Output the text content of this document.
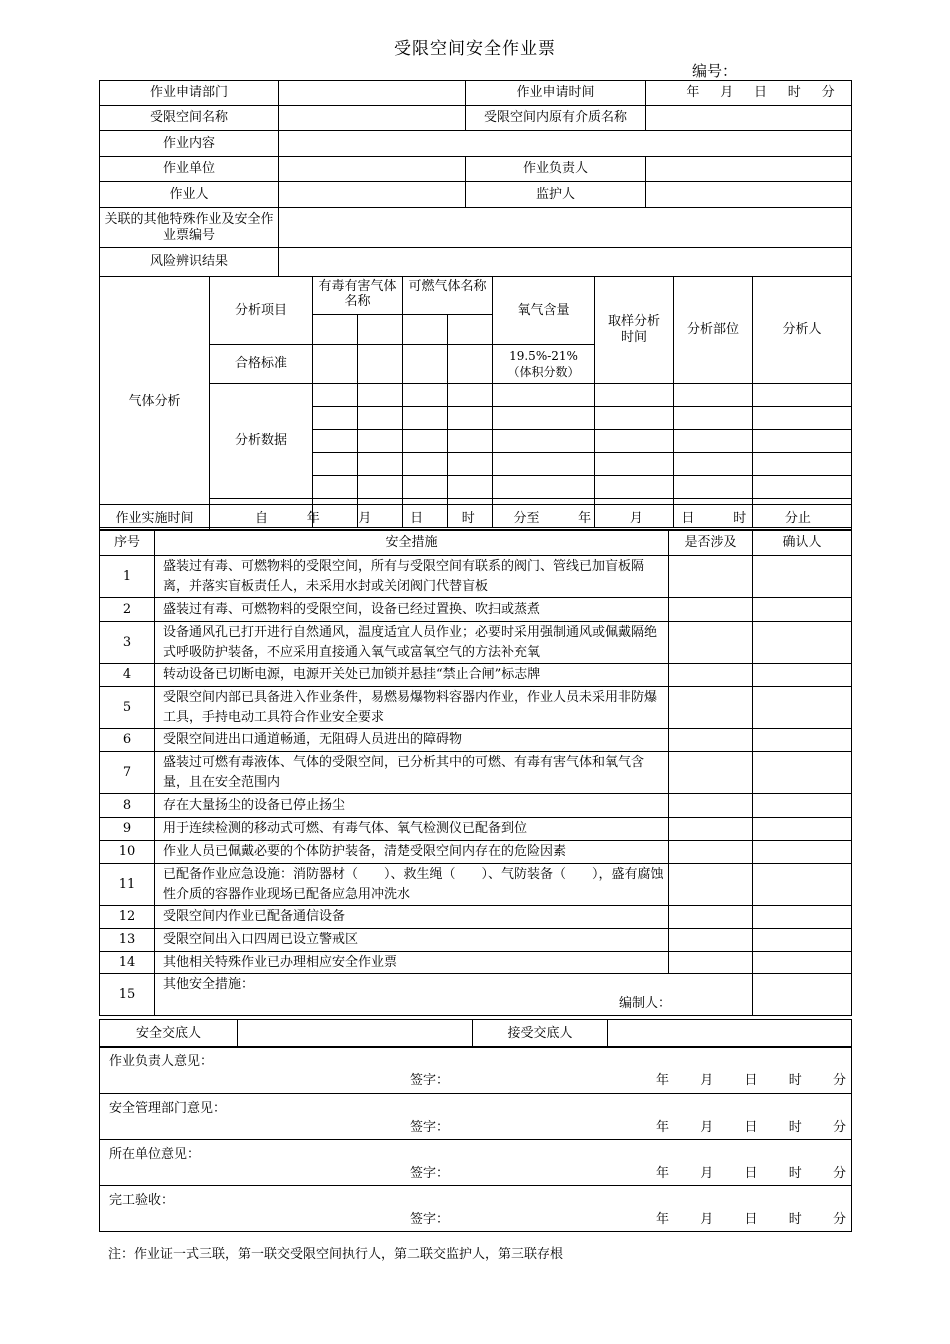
受限空间安全作业票
编号：
作业申请部门		作业申请时间	年 月 日 时 分

受限空间名称		受限空间内原有介质名称	
作业内容			
作业单位		作业负责人	
作业人		监护人	
关联的其他特殊作业及安全作业票编号			
风险辨识结果			
气体分析	分析项目	有毒有害气体名称		可燃气体名称		氧气含量	取样分析时间	分析部位	分析人

	合格标准					19.5%-21%（体积分数）			
	分析数据								

作业实施时间	自	年	月	日	时	分至	年	月	日	时	分止
序号	安全措施	是否涉及	确认人
1	盛装过有毒、可燃物料的受限空间，所有与受限空间有联系的阀门、管线已加盲板隔离，并落实盲板责任人，未采用水封或关闭阀门代替盲板		
2	盛装过有毒、可燃物料的受限空间，设备已经过置换、吹扫或蒸煮		
3	设备通风孔已打开进行自然通风，温度适宜人员作业；必要时采用强制通风或佩戴隔绝式呼吸防护装备，不应采用直接通入氧气或富氧空气的方法补充氧		
4	转动设备已切断电源，电源开关处已加锁并悬挂“禁止合闸”标志牌		
5	受限空间内部已具备进入作业条件，易燃易爆物料容器内作业，作业人员未采用非防爆工具，手持电动工具符合作业安全要求		
6	受限空间进出口通道畅通，无阻碍人员进出的障碍物		
7	盛装过可燃有毒液体、气体的受限空间，已分析其中的可燃、有毒有害气体和氧气含量，且在安全范围内		
8	存在大量扬尘的设备已停止扬尘		
9	用于连续检测的移动式可燃、有毒气体、氧气检测仪已配备到位		
10	作业人员已佩戴必要的个体防护装备，清楚受限空间内存在的危险因素		
11	已配备作业应急设施：消防器材（　　）、救生绳（　　）、气防装备（　　），盛有腐蚀性介质的容器作业现场已配备应急用冲洗水		
12	受限空间内作业已配备通信设备		
13	受限空间出入口四周已设立警戒区		
14	其他相关特殊作业已办理相应安全作业票		
15	其他安全措施：
编制人：		

安全交底人		接受交底人	
作业负责人意见：
签字：	年 月 日 时 分

安全管理部门意见：
签字：	年 月 日 时 分

所在单位意见：
签字：	年 月 日 时 分

完工验收：
签字：	年 月 日 时 分
注：作业证一式三联，第一联交受限空间执行人，第二联交监护人，第三联存根
